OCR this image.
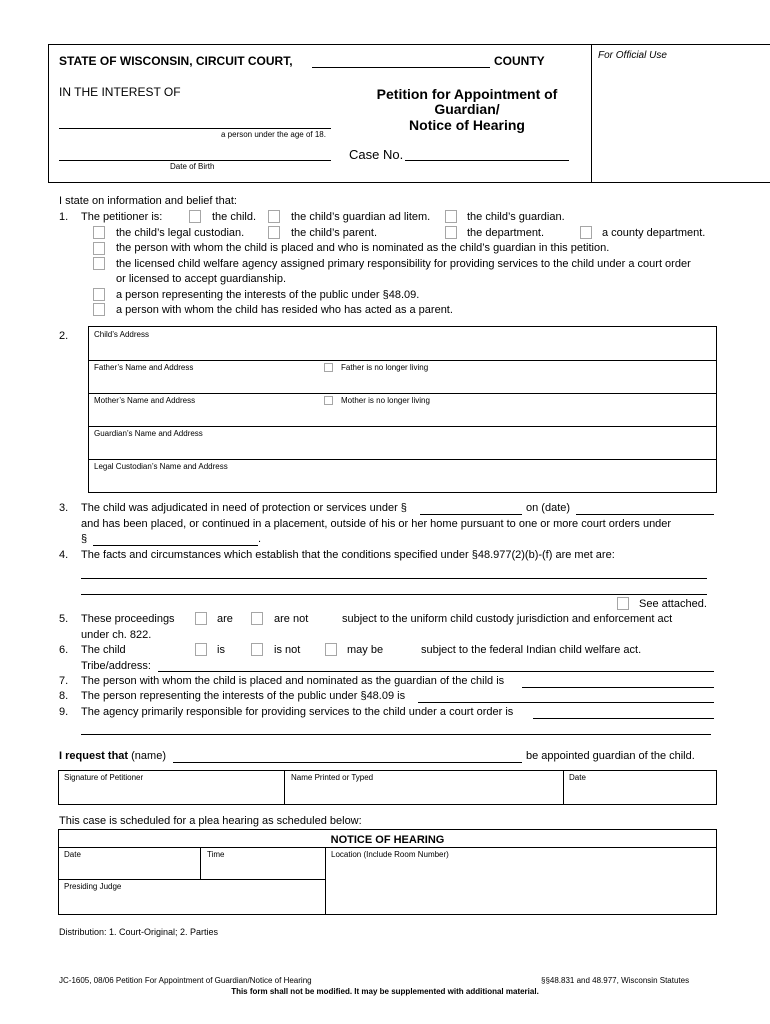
STATE OF WISCONSIN, CIRCUIT COURT,	COUNTY	For Official Use
IN THE INTEREST OF
a person under the age of 18.
Date of Birth
Petition for Appointment of
Guardian/
Notice of Hearing
Case No.
I state on information and belief that:
1. The petitioner is:	the child.	the child’s guardian ad litem.	the child’s guardian.
the child’s legal custodian.	the child’s parent.	the department.	a county department.
the person with whom the child is placed and who is nominated as the child’s guardian in this petition.
the licensed child welfare agency assigned primary responsibility for providing services to the child under a court order
or licensed to accept guardianship.
a person representing the interests of the public under §48.09.
a person with whom the child has resided who has acted as a parent.
2.	Child’s Address
Father’s Name and Address	Father is no longer living
Mother’s Name and Address	Mother is no longer living
Guardian’s Name and Address
Legal Custodian’s Name and Address
3. The child was adjudicated in need of protection or services under §	on (date)
and has been placed, or continued in a placement, outside of his or her home pursuant to one or more court orders under
§	.
4. The facts and circumstances which establish that the conditions specified under §48.977(2)(b)-(f) are met are:
See attached.
5. These proceedings	are	are not	subject to the uniform child custody jurisdiction and enforcement act
under ch. 822.
6. The child	is	is not	may be	subject to the federal Indian child welfare act.
Tribe/address:
7. The person with whom the child is placed and nominated as the guardian of the child is
8. The person representing the interests of the public under §48.09 is
9. The agency primarily responsible for providing services to the child under a court order is
I request that (name)	be appointed guardian of the child.
Signature of Petitioner	Name Printed or Typed	Date
This case is scheduled for a plea hearing as scheduled below:
NOTICE OF HEARING
Date	Time	Location (Include Room Number)
Presiding Judge
Distribution: 1. Court-Original; 2. Parties
JC-1605, 08/06 Petition For Appointment of Guardian/Notice of Hearing	§§48.831 and 48.977, Wisconsin Statutes
This form shall not be modified. It may be supplemented with additional material.
